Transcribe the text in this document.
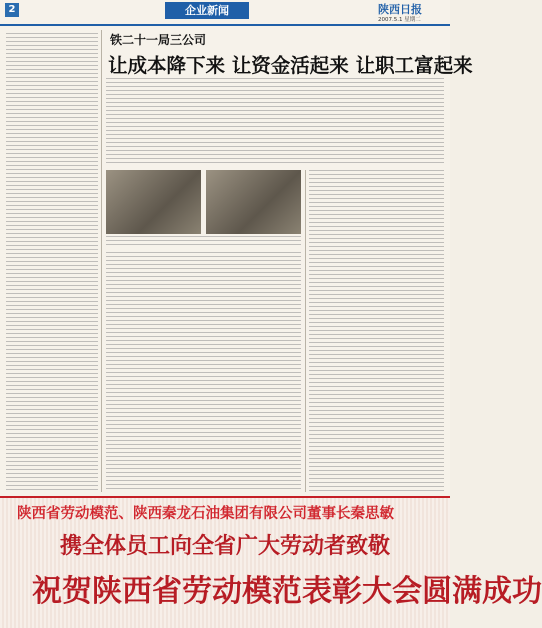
2	企业新闻	陕西日报
2007.5.1 星期二
铁二十一局三公司
让成本降下来 让资金活起来 让职工富起来
陕西省劳动模范、陕西秦龙石油集团有限公司董事长秦思敏
携全体员工向全省广大劳动者致敬
祝贺陕西省劳动模范表彰大会圆满成功
